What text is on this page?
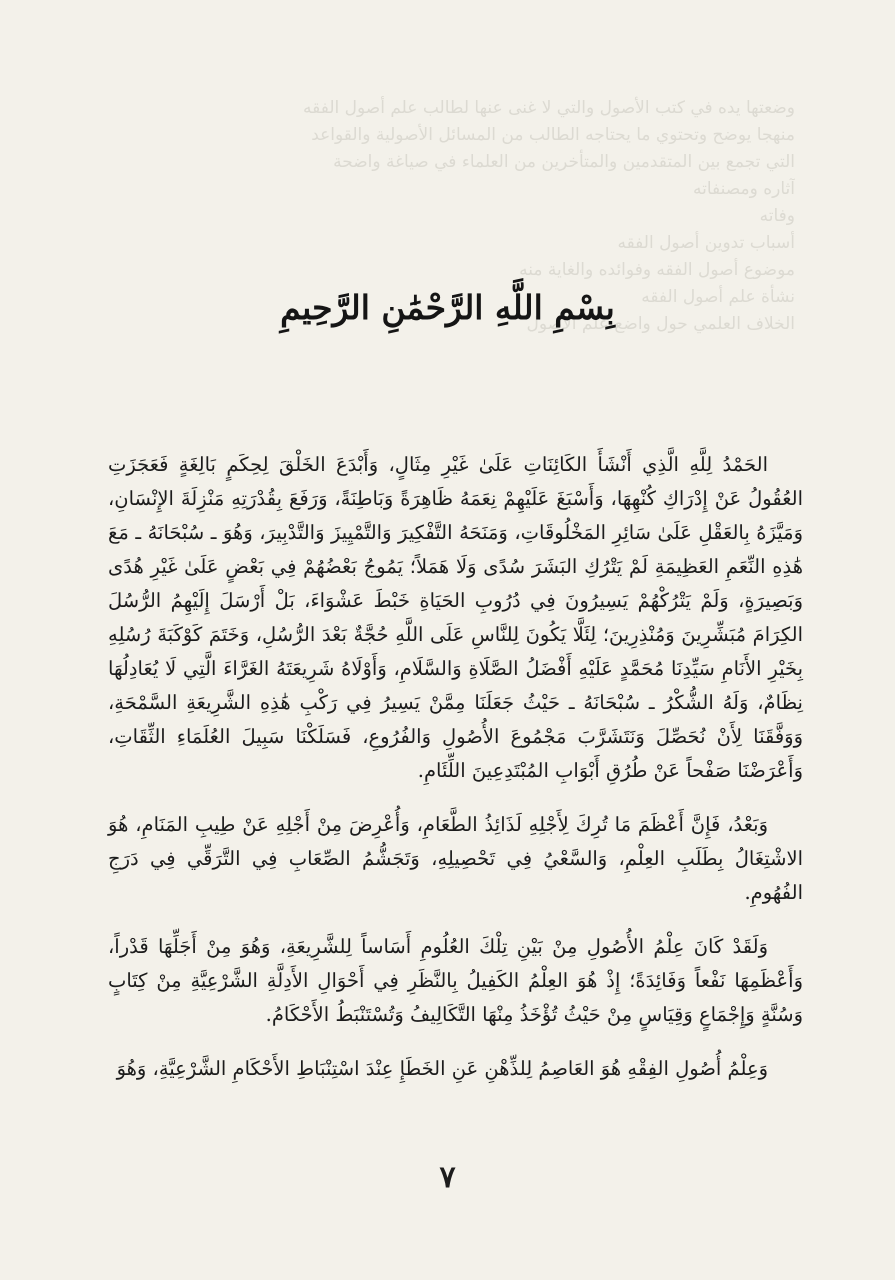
وضعتها يده في كتب الأصول والتي لا غنى عنها لطالب علم أصول الفقه
منهجا يوضح وتحتوي ما يحتاجه الطالب من المسائل الأصولية والقواعد
التي تجمع بين المتقدمين والمتأخرين من العلماء في صياغة واضحة
آثاره ومصنفاته
وفاته
أسباب تدوين أصول الفقه
موضوع أصول الفقه وفوائده والغاية منه
نشأة علم أصول الفقه
الخلاف العلمي حول واضع علم الأصول
بِسْمِ اللَّهِ الرَّحْمَٰنِ الرَّحِيمِ

الحَمْدُ لِلَّهِ الَّذِي أَنْشَأَ الكَائِنَاتِ عَلَىٰ غَيْرِ مِثَالٍ، وَأَبْدَعَ الخَلْقَ لِحِكَمٍ بَالِغَةٍ فَعَجَزَتِ العُقُولُ عَنْ إِدْرَاكِ كُنْهِهَا، وَأَسْبَغَ عَلَيْهِمْ نِعَمَهُ ظَاهِرَةً وَبَاطِنَةً، وَرَفَعَ بِقُدْرَتِهِ مَنْزِلَةَ الإِنْسَانِ، وَمَيَّزَهُ بِالعَقْلِ عَلَىٰ سَائِرِ المَخْلُوقَاتِ، وَمَنَحَهُ التَّفْكِيرَ وَالتَّمْيِيزَ وَالتَّدْبِيرَ، وَهُوَ ـ سُبْحَانَهُ ـ مَعَ هَٰذِهِ النِّعَمِ العَظِيمَةِ لَمْ يَتْرُكِ البَشَرَ سُدًى وَلَا هَمَلاً؛ يَمُوجُ بَعْضُهُمْ فِي بَعْضٍ عَلَىٰ غَيْرِ هُدًى وَبَصِيرَةٍ، وَلَمْ يَتْرُكْهُمْ يَسِيرُونَ فِي دُرُوبِ الحَيَاةِ خَبْطَ عَشْوَاءَ، بَلْ أَرْسَلَ إِلَيْهِمُ الرُّسُلَ الكِرَامَ مُبَشِّرِينَ وَمُنْذِرِينَ؛ لِئَلَّا يَكُونَ لِلنَّاسِ عَلَى اللَّهِ حُجَّةٌ بَعْدَ الرُّسُلِ، وَخَتَمَ كَوْكَبَةَ رُسُلِهِ بِخَيْرِ الأَنَامِ سَيِّدِنَا مُحَمَّدٍ عَلَيْهِ أَفْضَلُ الصَّلَاةِ وَالسَّلَامِ، وَأَوْلَاهُ شَرِيعَتَهُ الغَرَّاءَ الَّتِي لَا يُعَادِلُهَا نِظَامٌ، وَلَهُ الشُّكْرُ ـ سُبْحَانَهُ ـ حَيْثُ جَعَلَنَا مِمَّنْ يَسِيرُ فِي رَكْبِ هَٰذِهِ الشَّرِيعَةِ السَّمْحَةِ، وَوَفَّقَنَا لِأَنْ نُحَصِّلَ وَنَتَشَرَّبَ مَجْمُوعَ الأُصُولِ وَالفُرُوعِ، فَسَلَكْنَا سَبِيلَ العُلَمَاءِ الثِّقَاتِ، وَأَعْرَضْنَا صَفْحاً عَنْ طُرُقِ أَبْوَابِ المُبْتَدِعِينَ اللِّئَامِ.

وَبَعْدُ، فَإِنَّ أَعْظَمَ مَا تُرِكَ لِأَجْلِهِ لَذَائِذُ الطَّعَامِ، وَأُعْرِضَ مِنْ أَجْلِهِ عَنْ طِيبِ المَنَامِ، هُوَ الاشْتِغَالُ بِطَلَبِ العِلْمِ، وَالسَّعْيُ فِي تَحْصِيلِهِ، وَتَجَشُّمُ الصِّعَابِ فِي التَّرَقِّي فِي دَرَجِ الفُهُومِ.

وَلَقَدْ كَانَ عِلْمُ الأُصُولِ مِنْ بَيْنِ تِلْكَ العُلُومِ أَسَاساً لِلشَّرِيعَةِ، وَهُوَ مِنْ أَجَلِّهَا قَدْراً، وَأَعْظَمِهَا نَفْعاً وَفَائِدَةً؛ إِذْ هُوَ العِلْمُ الكَفِيلُ بِالنَّظَرِ فِي أَحْوَالِ الأَدِلَّةِ الشَّرْعِيَّةِ مِنْ كِتَابٍ وَسُنَّةٍ وَإِجْمَاعٍ وَقِيَاسٍ مِنْ حَيْثُ تُؤْخَذُ مِنْهَا التَّكَالِيفُ وَتُسْتَنْبَطُ الأَحْكَامُ.

وَعِلْمُ أُصُولِ الفِقْهِ هُوَ العَاصِمُ لِلذِّهْنِ عَنِ الخَطَإِ عِنْدَ اسْتِنْبَاطِ الأَحْكَامِ الشَّرْعِيَّةِ، وَهُوَ

٧
